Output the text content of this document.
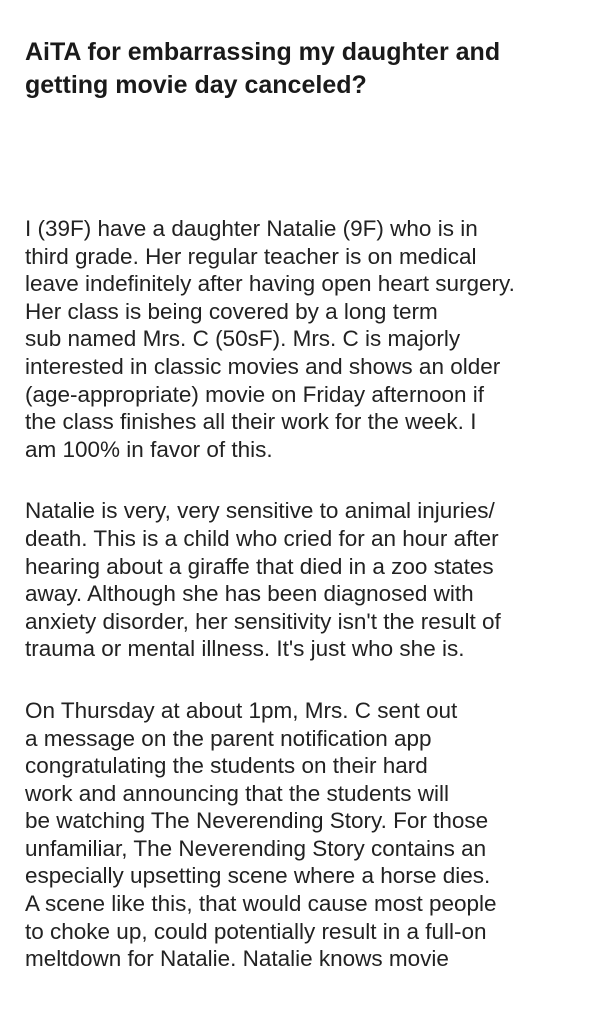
AiTA for embarrassing my daughter and
getting movie day canceled?

I (39F) have a daughter Natalie (9F) who is in
third grade. Her regular teacher is on medical
leave indefinitely after having open heart surgery.
Her class is being covered by a long term
sub named Mrs. C (50sF). Mrs. C is majorly
interested in classic movies and shows an older
(age-appropriate) movie on Friday afternoon if
the class finishes all their work for the week. I
am 100% in favor of this.

Natalie is very, very sensitive to animal injuries/
death. This is a child who cried for an hour after
hearing about a giraffe that died in a zoo states
away. Although she has been diagnosed with
anxiety disorder, her sensitivity isn't the result of
trauma or mental illness. It's just who she is.

On Thursday at about 1pm, Mrs. C sent out
a message on the parent notification app
congratulating the students on their hard
work and announcing that the students will
be watching The Neverending Story. For those
unfamiliar, The Neverending Story contains an
especially upsetting scene where a horse dies.
A scene like this, that would cause most people
to choke up, could potentially result in a full-on
meltdown for Natalie. Natalie knows movie
